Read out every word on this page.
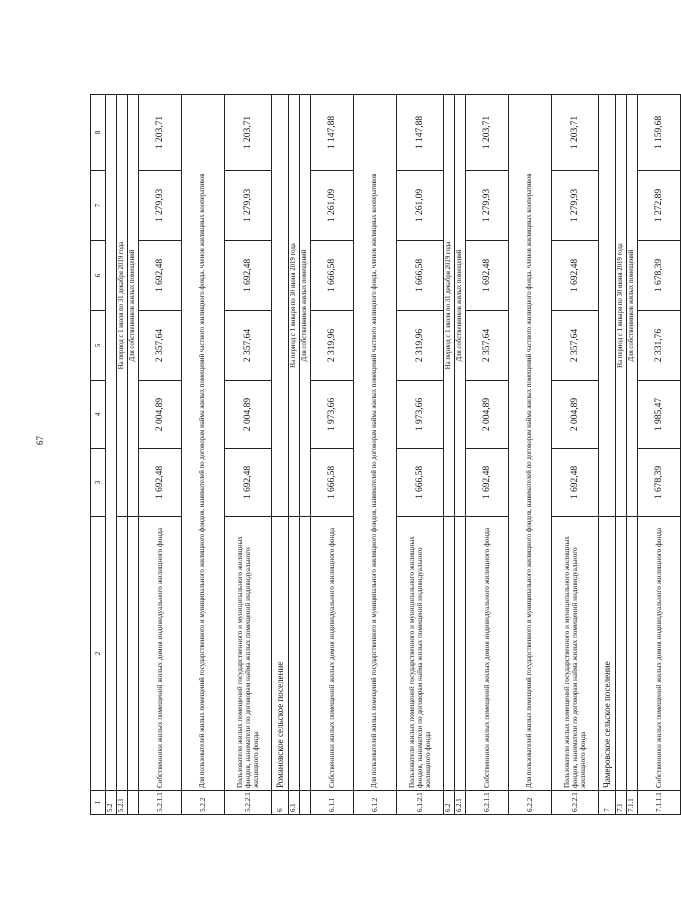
67
1	2	3	4	5	6	7	8
5.2							
5.2.1		На период с 1 июля по 31 декабря 2019 года					
		Для собственников жилых помещений					
5.2.1.1	Собственники жилых помещений жилых домов индивидуального жилищного фонда	1 692,48	2 004,89	2 357,64	1 692,48	1 279,93	1 203,71
5.2.2	Для пользователей жилых помещений государственного и муниципального жилищного фондов, нанимателей по договорам найма жилых помещений частного жилищного фонда, членов жилищных кооперативов						
5.2.2.1	Пользователи жилых помещений государственного и муниципального жилищных фондов, наниматели по договорам найма жилых помещений индивидуального жилищного фонда	1 692,48	2 004,89	2 357,64	1 692,48	1 279,93	1 203,71
6	Романовское сельское поселение						
6.1		На период с 1 января по 30 июня 2019 года					
		Для собственников жилых помещений					
6.1.1	Собственники жилых помещений жилых домов индивидуального жилищного фонда	1 666,58	1 973,66	2 319,96	1 666,58	1 261,09	1 147,88
6.1.2	Для пользователей жилых помещений государственного и муниципального жилищного фондов, нанимателей по договорам найма жилых помещений частного жилищного фонда, членов жилищных кооперативов						
6.1.2.1	Пользователи жилых помещений государственного и муниципального жилищных фондов, наниматели по договорам найма жилых помещений индивидуального жилищного фонда	1 666,58	1 973,66	2 319,96	1 666,58	1 261,09	1 147,88
6.2		На период с 1 июля по 31 декабря 2019 года					
6.2.1		Для собственников жилых помещений					
6.2.1.1	Собственники жилых помещений жилых домов индивидуального жилищного фонда	1 692,48	2 004,89	2 357,64	1 692,48	1 279,93	1 203,71
6.2.2	Для пользователей жилых помещений государственного и муниципального жилищного фондов, нанимателей по договорам найма жилых помещений частного жилищного фонда, членов жилищных кооперативов						
6.2.2.1	Пользователи жилых помещений государственного и муниципального жилищных фондов, наниматели по договорам найма жилых помещений индивидуального жилищного фонда	1 692,48	2 004,89	2 357,64	1 692,48	1 279,93	1 203,71
7	Чамеровское сельское поселение						
7.1		На период с 1 января по 30 июня 2019 года					
7.1.1		Для собственников жилых помещений					
7.1.1.1	Собственники жилых помещений жилых домов индивидуального жилищного фонда	1 678,39	1 985,47	2 331,76	1 678,39	1 272,89	1 159,68
